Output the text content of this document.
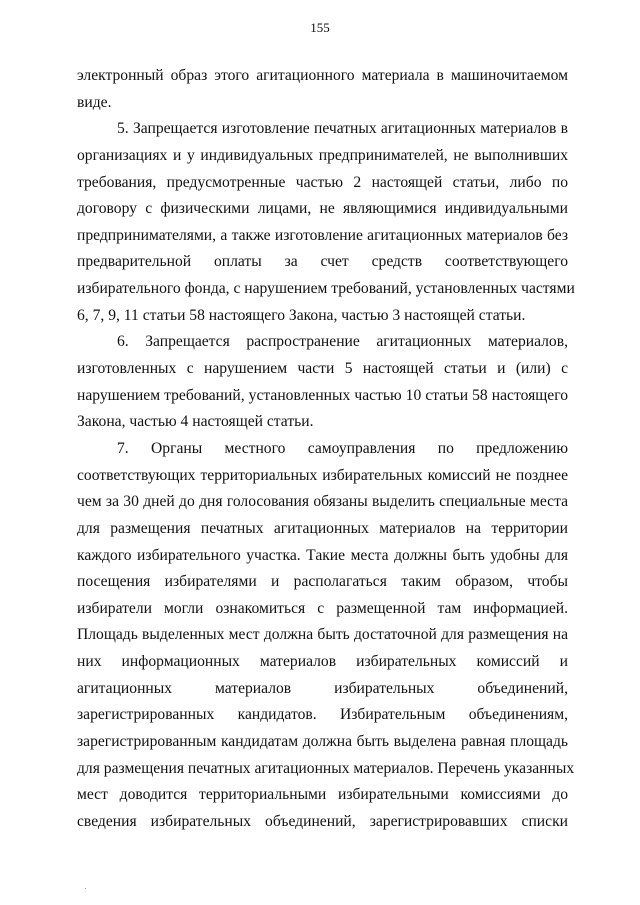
155
электронный образ этого агитационного материала в машиночитаемом
виде.
5. Запрещается изготовление печатных агитационных материалов в
организациях и у индивидуальных предпринимателей, не выполнивших
требования, предусмотренные частью 2 настоящей статьи, либо по
договору с физическими лицами, не являющимися индивидуальными
предпринимателями, а также изготовление агитационных материалов без
предварительной оплаты за счет средств соответствующего
избирательного фонда, с нарушением требований, установленных частями
6, 7, 9, 11 статьи 58 настоящего Закона, частью 3 настоящей статьи.
6. Запрещается распространение агитационных материалов,
изготовленных с нарушением части 5 настоящей статьи и (или) с
нарушением требований, установленных частью 10 статьи 58 настоящего
Закона, частью 4 настоящей статьи.
7. Органы местного самоуправления по предложению
соответствующих территориальных избирательных комиссий не позднее
чем за 30 дней до дня голосования обязаны выделить специальные места
для размещения печатных агитационных материалов на территории
каждого избирательного участка. Такие места должны быть удобны для
посещения избирателями и располагаться таким образом, чтобы
избиратели могли ознакомиться с размещенной там информацией.
Площадь выделенных мест должна быть достаточной для размещения на
них информационных материалов избирательных комиссий и
агитационных материалов избирательных объединений,
зарегистрированных кандидатов. Избирательным объединениям,
зарегистрированным кандидатам должна быть выделена равная площадь
для размещения печатных агитационных материалов. Перечень указанных
мест доводится территориальными избирательными комиссиями до
сведения избирательных объединений, зарегистрировавших списки
